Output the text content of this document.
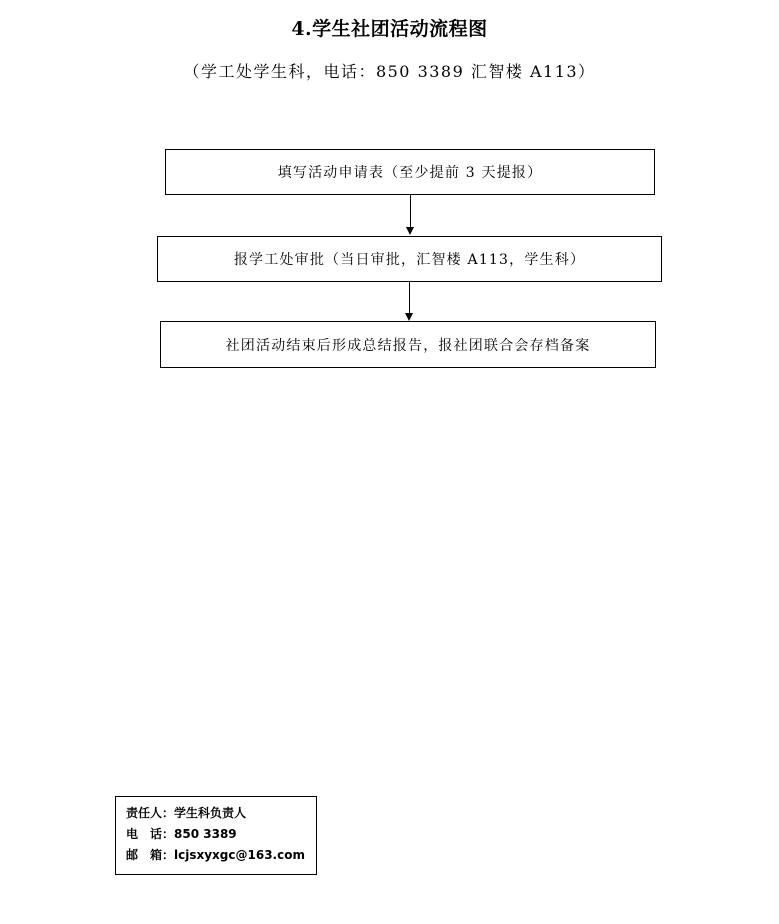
4.学生社团活动流程图
（学工处学生科，电话：850 3389 汇智楼 A113）
填写活动申请表（至少提前 3 天提报）
报学工处审批（当日审批，汇智楼 A113，学生科）
社团活动结束后形成总结报告，报社团联合会存档备案
责任人：学生科负责人
电　话：850 3389
邮　箱：lcjsxyxgc@163.com
